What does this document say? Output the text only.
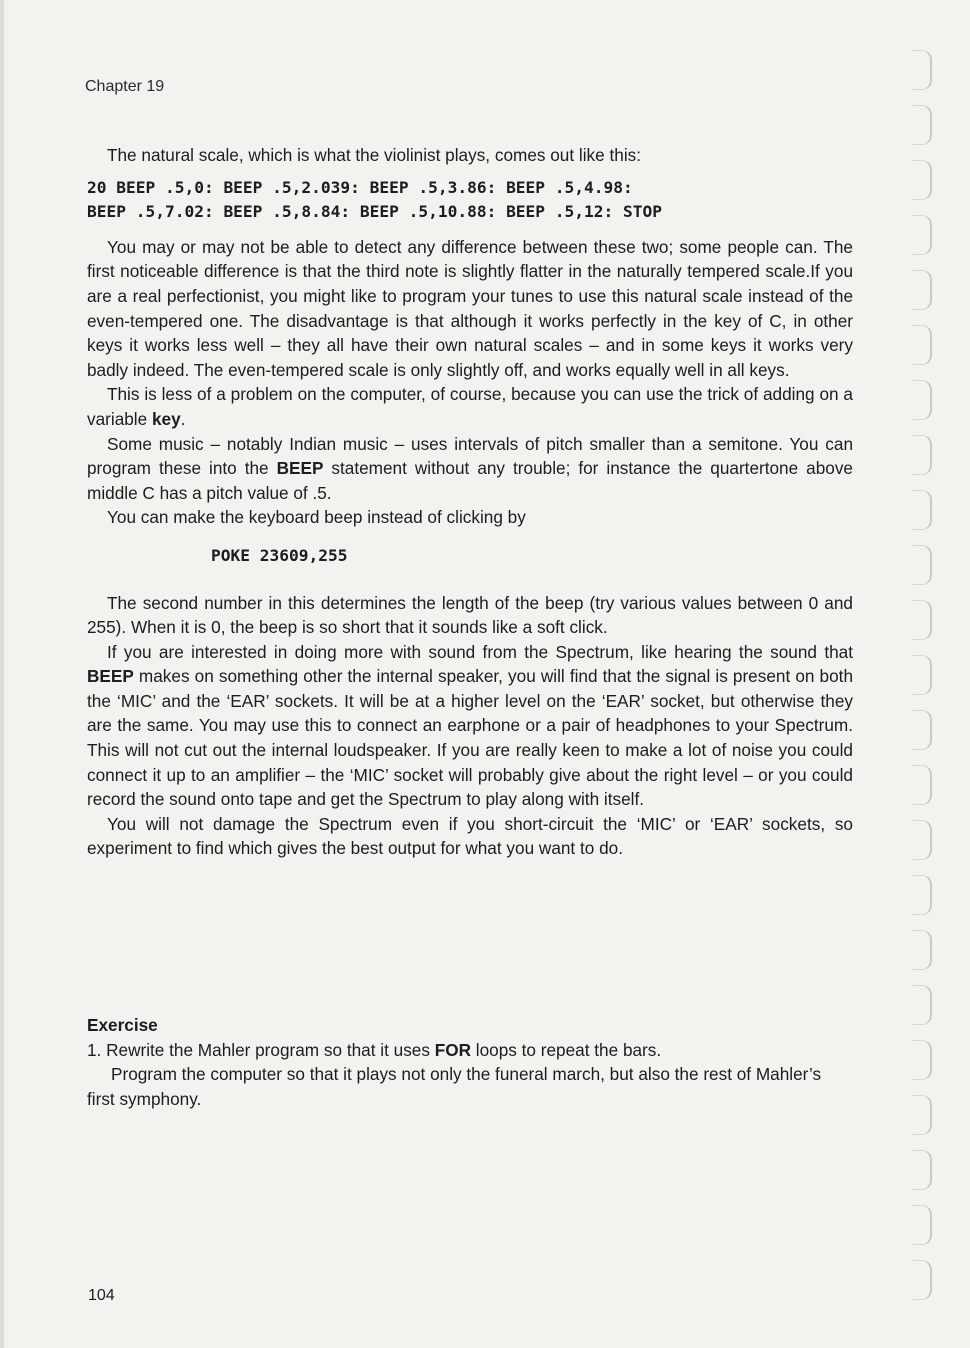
Chapter 19

The natural scale, which is what the violinist plays, comes out like this:

20 BEEP .5,0: BEEP .5,2.039: BEEP .5,3.86: BEEP .5,4.98:
BEEP .5,7.02: BEEP .5,8.84: BEEP .5,10.88: BEEP .5,12: STOP

You may or may not be able to detect any difference between these two; some people can. The first noticeable difference is that the third note is slightly flatter in the naturally tempered scale.If you are a real perfectionist, you might like to program your tunes to use this natural scale instead of the even-tempered one. The disadvantage is that although it works perfectly in the key of C, in other keys it works less well – they all have their own natural scales – and in some keys it works very badly indeed. The even-tempered scale is only slightly off, and works equally well in all keys.

This is less of a problem on the computer, of course, because you can use the trick of adding on a variable key.

Some music – notably Indian music – uses intervals of pitch smaller than a semitone. You can program these into the BEEP statement without any trouble; for instance the quartertone above middle C has a pitch value of .5.

You can make the keyboard beep instead of clicking by

POKE 23609,255

The second number in this determines the length of the beep (try various values between 0 and 255). When it is 0, the beep is so short that it sounds like a soft click.

If you are interested in doing more with sound from the Spectrum, like hearing the sound that BEEP makes on something other the internal speaker, you will find that the signal is present on both the ‘MIC’ and the ‘EAR’ sockets. It will be at a higher level on the ‘EAR’ socket, but otherwise they are the same. You may use this to connect an earphone or a pair of headphones to your Spectrum. This will not cut out the internal loudspeaker. If you are really keen to make a lot of noise you could connect it up to an amplifier – the ‘MIC’ socket will probably give about the right level – or you could record the sound onto tape and get the Spectrum to play along with itself.

You will not damage the Spectrum even if you short-circuit the ‘MIC’ or ‘EAR’ sockets, so experiment to find which gives the best output for what you want to do.

Exercise

1. Rewrite the Mahler program so that it uses FOR loops to repeat the bars.

Program the computer so that it plays not only the funeral march, but also the rest of Mahler’s first symphony.

104
